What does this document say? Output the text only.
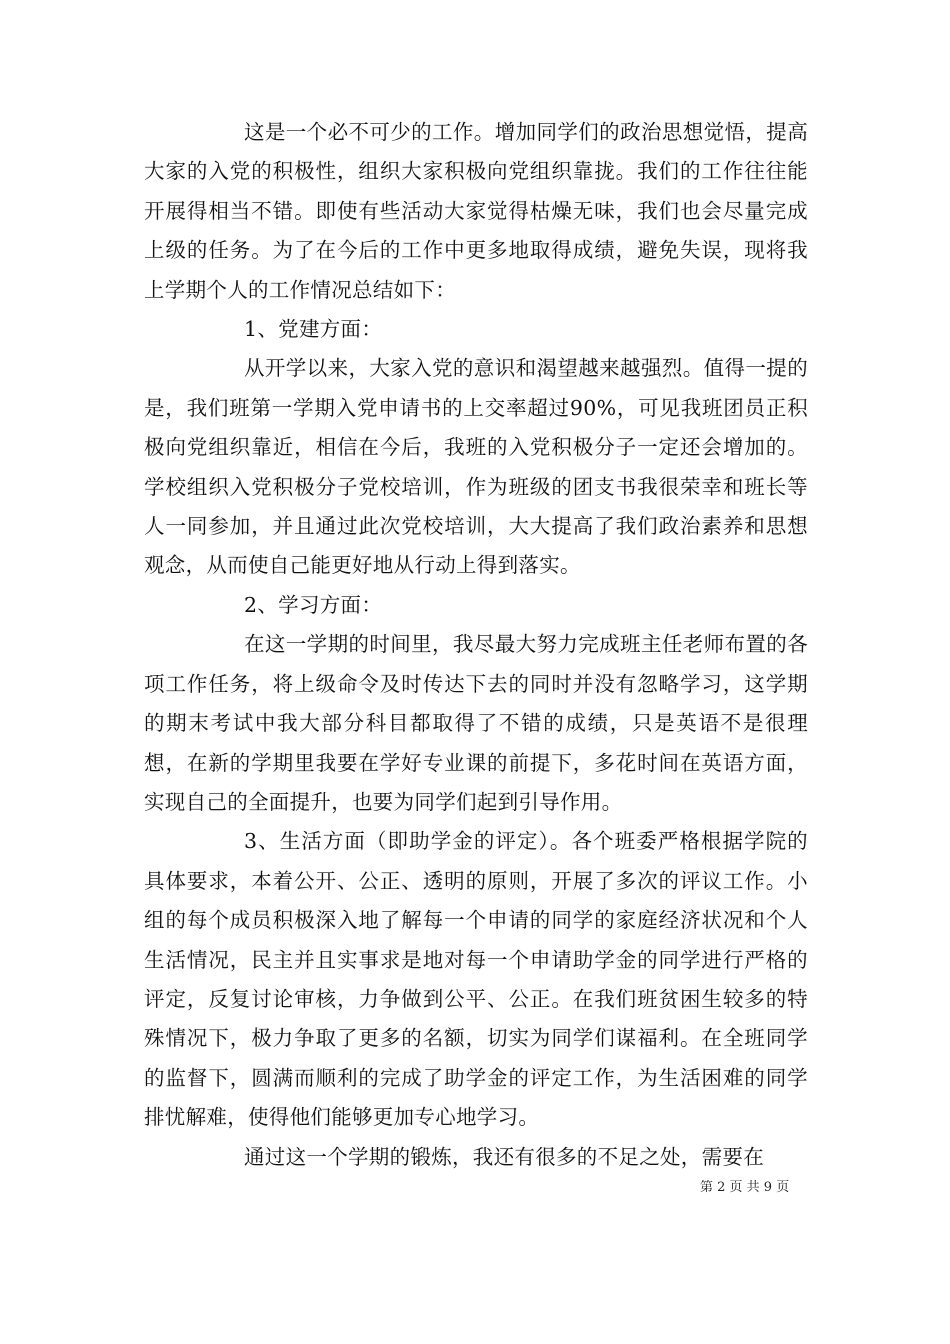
这是一个必不可少的工作。增加同学们的政治思想觉悟，提高大家的入党的积极性，组织大家积极向党组织靠拢。我们的工作往往能开展得相当不错。即使有些活动大家觉得枯燥无味，我们也会尽量完成上级的任务。为了在今后的工作中更多地取得成绩，避免失误，现将我上学期个人的工作情况总结如下：

1、党建方面：

从开学以来，大家入党的意识和渴望越来越强烈。值得一提的是，我们班第一学期入党申请书的上交率超过90%，可见我班团员正积极向党组织靠近，相信在今后，我班的入党积极分子一定还会增加的。学校组织入党积极分子党校培训，作为班级的团支书我很荣幸和班长等人一同参加，并且通过此次党校培训，大大提高了我们政治素养和思想观念，从而使自己能更好地从行动上得到落实。

2、学习方面：

在这一学期的时间里，我尽最大努力完成班主任老师布置的各项工作任务，将上级命令及时传达下去的同时并没有忽略学习，这学期的期末考试中我大部分科目都取得了不错的成绩，只是英语不是很理想，在新的学期里我要在学好专业课的前提下，多花时间在英语方面，实现自己的全面提升，也要为同学们起到引导作用。

3、生活方面（即助学金的评定）。各个班委严格根据学院的具体要求，本着公开、公正、透明的原则，开展了多次的评议工作。小组的每个成员积极深入地了解每一个申请的同学的家庭经济状况和个人生活情况，民主并且实事求是地对每一个申请助学金的同学进行严格的评定，反复讨论审核，力争做到公平、公正。在我们班贫困生较多的特殊情况下，极力争取了更多的名额，切实为同学们谋福利。在全班同学的监督下，圆满而顺利的完成了助学金的评定工作，为生活困难的同学排忧解难，使得他们能够更加专心地学习。

通过这一个学期的锻炼，我还有很多的不足之处，需要在

第 2 页 共 9 页
